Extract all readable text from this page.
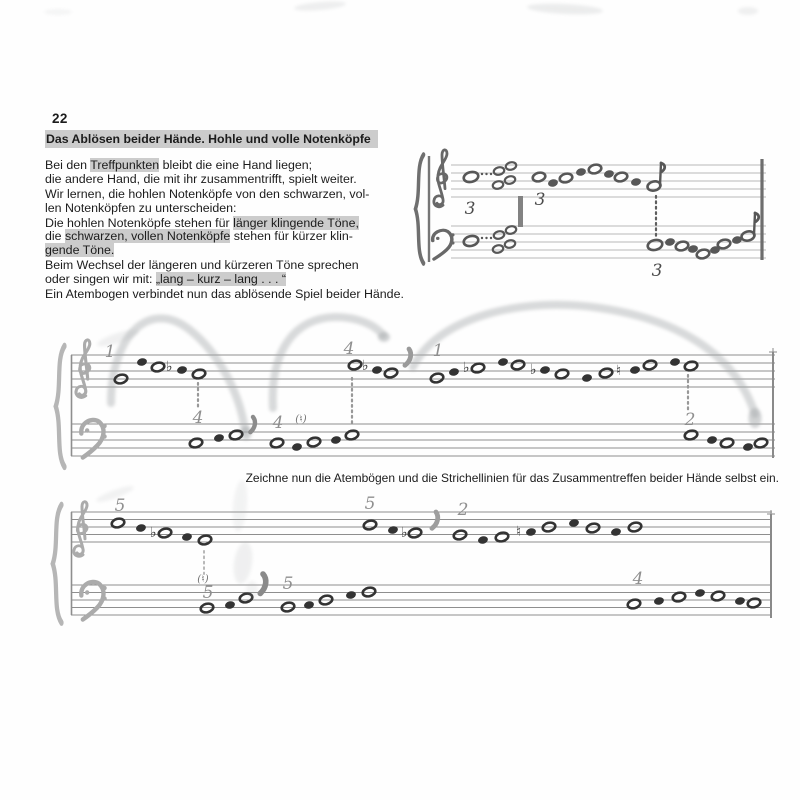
22
Das Ablösen beider Hände. Hohle und volle Notenköpfe
Bei den Treffpunkten bleibt die eine Hand liegen;
die andere Hand, die mit ihr zusammentrifft, spielt weiter.
Wir lernen, die hohlen Notenköpfe von den schwarzen, vol-
len Notenköpfen zu unterscheiden:
Die hohlen Notenköpfe stehen für länger klingende Töne,
die schwarzen, vollen Notenköpfe stehen für kürzer klin-
gende Töne.
Beim Wechsel der längeren und kürzeren Töne sprechen
oder singen wir mit: „lang – kurz – lang . . . “
Ein Atembogen verbindet nun das ablösende Spiel beider Hände.
3	3
3
♭	♭	♭	♭	♮
1
4	4 (♮)
4	1
2
♭	♭	♮
5	5	2
(♮)
5	5	4
Zeichne nun die Atembögen und die Strichellinien für das Zusammentreffen beider Hände selbst ein.
